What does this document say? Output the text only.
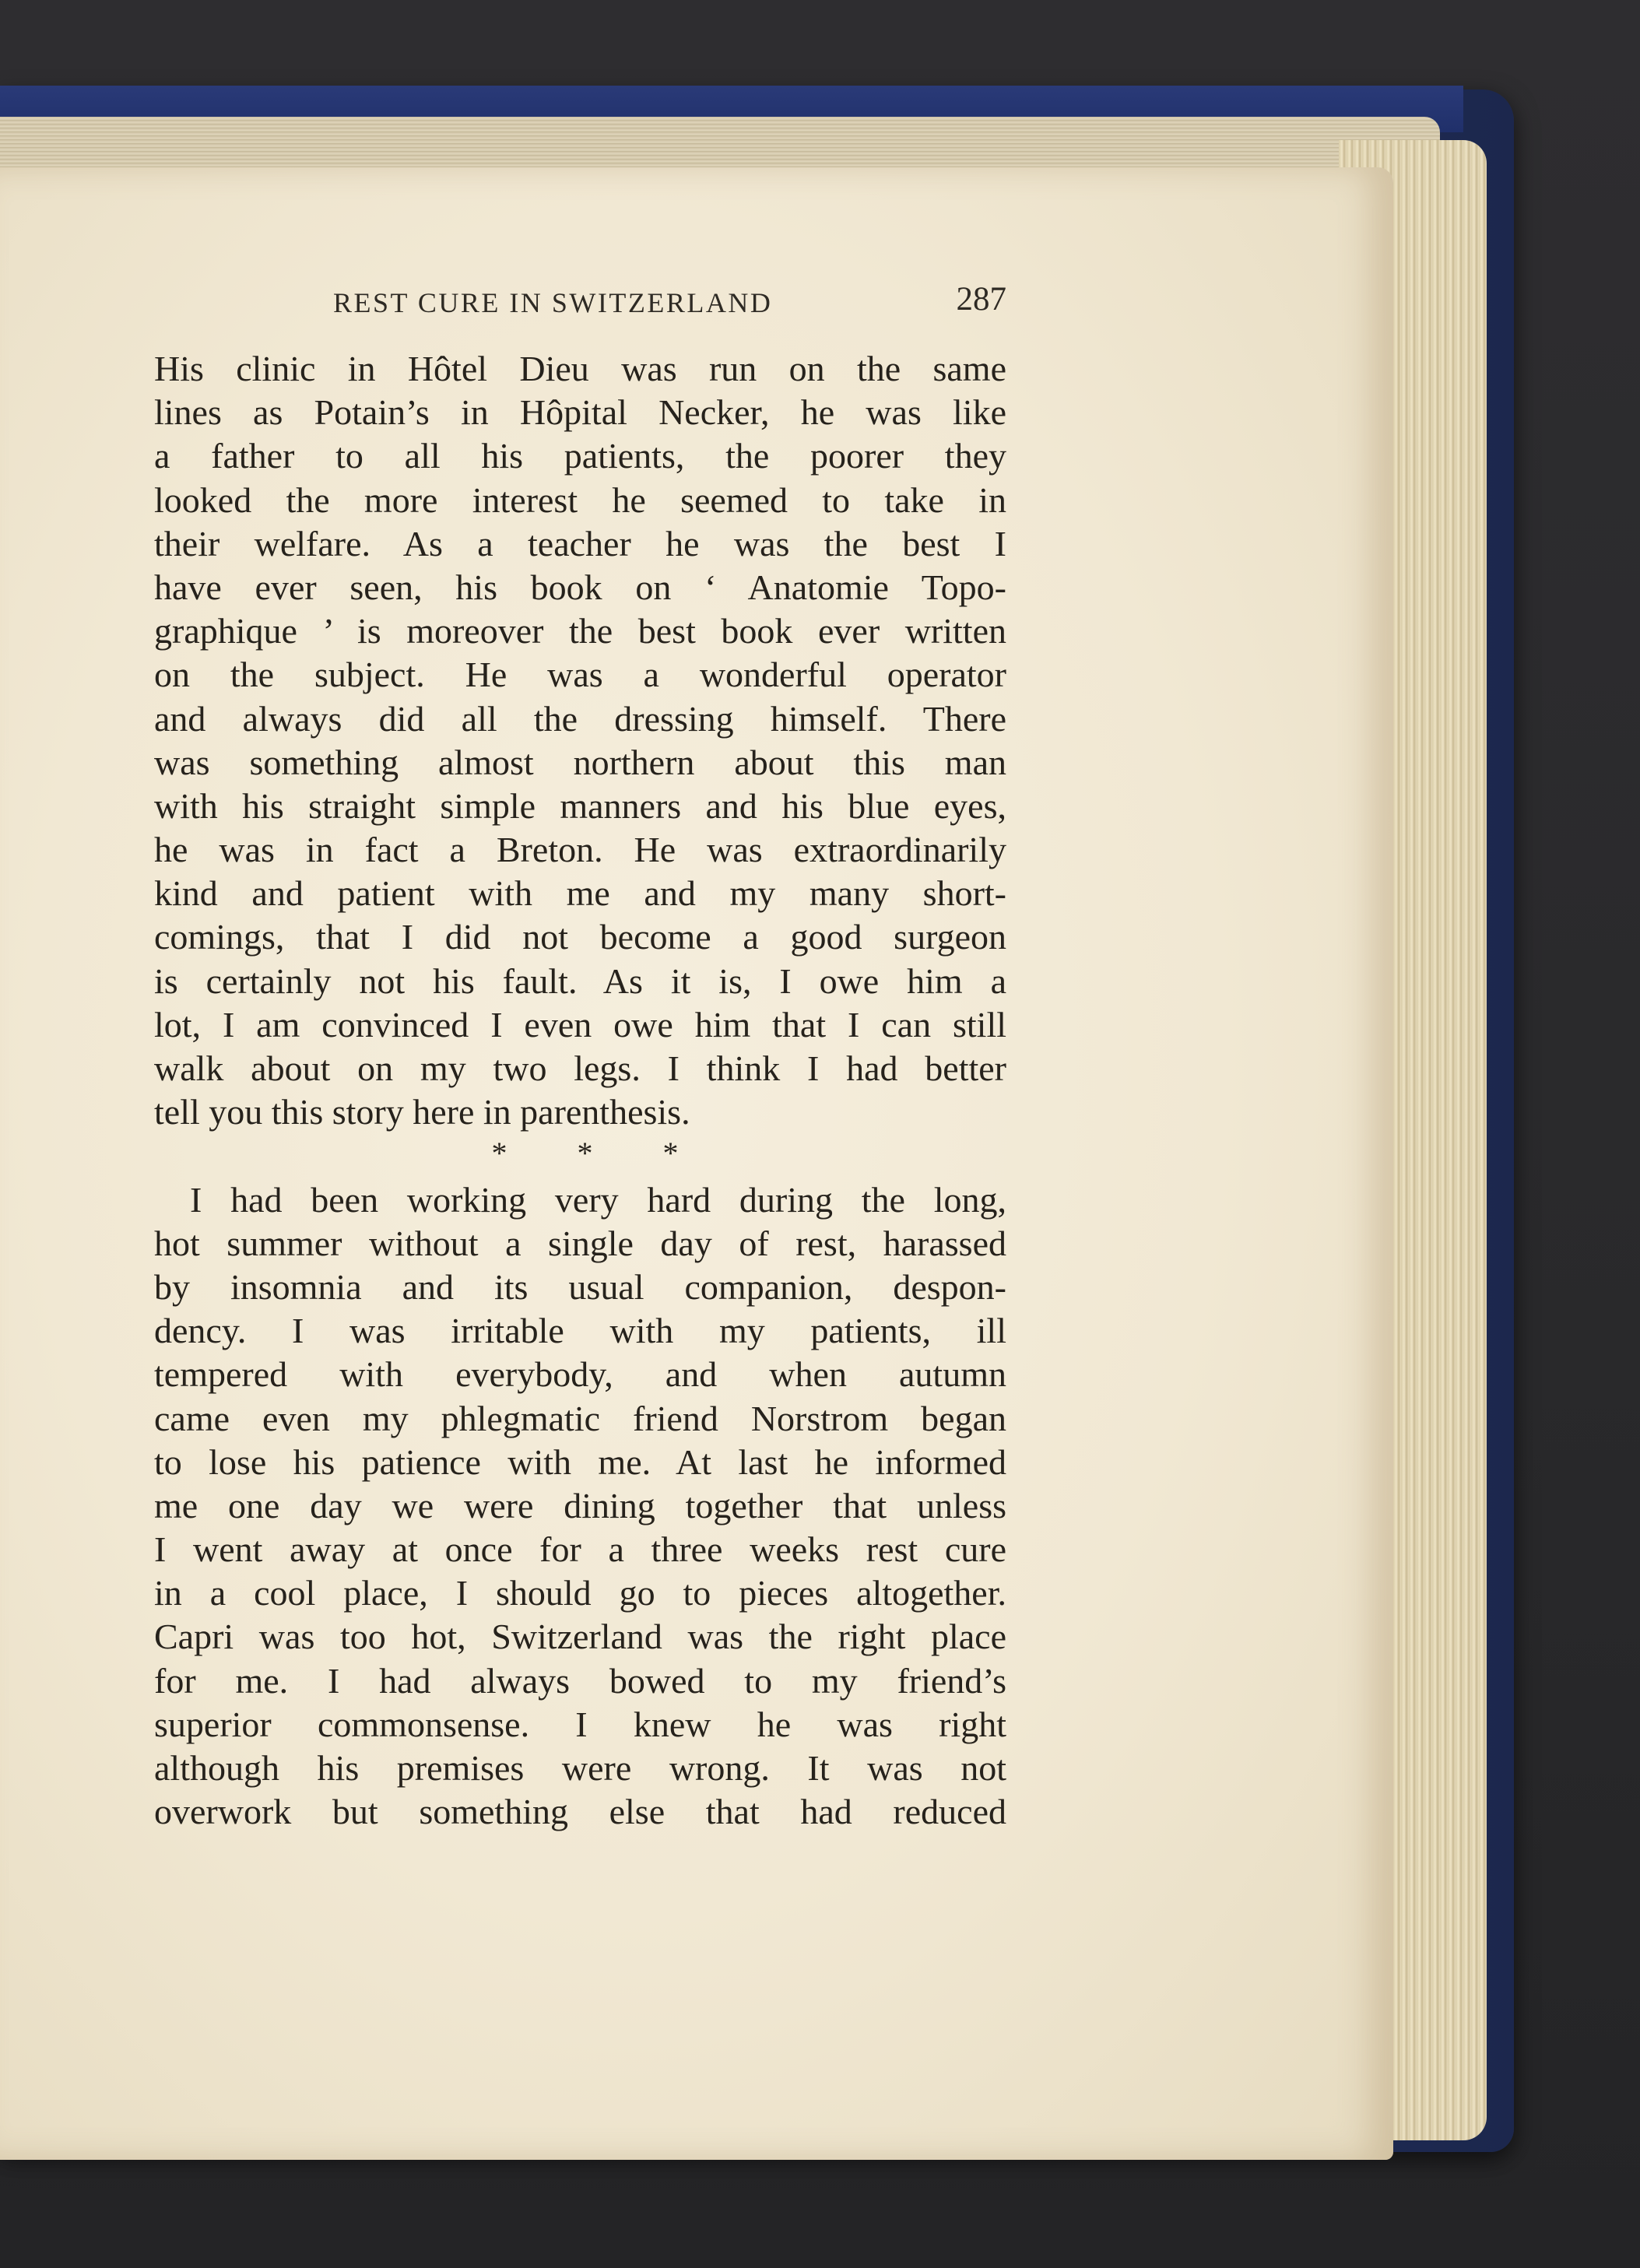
REST CURE IN SWITZERLAND	287
His clinic in Hôtel Dieu was run on the same
lines as Potain’s in Hôpital Necker, he was like
a father to all his patients, the poorer they
looked the more interest he seemed to take in
their welfare. As a teacher he was the best I
have ever seen, his book on ‘ Anatomie Topo-
graphique ’ is moreover the best book ever written
on the subject. He was a wonderful operator
and always did all the dressing himself. There
was something almost northern about this man
with his straight simple manners and his blue eyes,
he was in fact a Breton. He was extraordinarily
kind and patient with me and my many short-
comings, that I did not become a good surgeon
is certainly not his fault. As it is, I owe him a
lot, I am convinced I even owe him that I can still
walk about on my two legs. I think I had better
tell you this story here in parenthesis.
* * *
I had been working very hard during the long,
hot summer without a single day of rest, harassed
by insomnia and its usual companion, despon-
dency. I was irritable with my patients, ill
tempered with everybody, and when autumn
came even my phlegmatic friend Norstrom began
to lose his patience with me. At last he informed
me one day we were dining together that unless
I went away at once for a three weeks rest cure
in a cool place, I should go to pieces altogether.
Capri was too hot, Switzerland was the right place
for me. I had always bowed to my friend’s
superior commonsense. I knew he was right
although his premises were wrong. It was not
overwork but something else that had reduced
